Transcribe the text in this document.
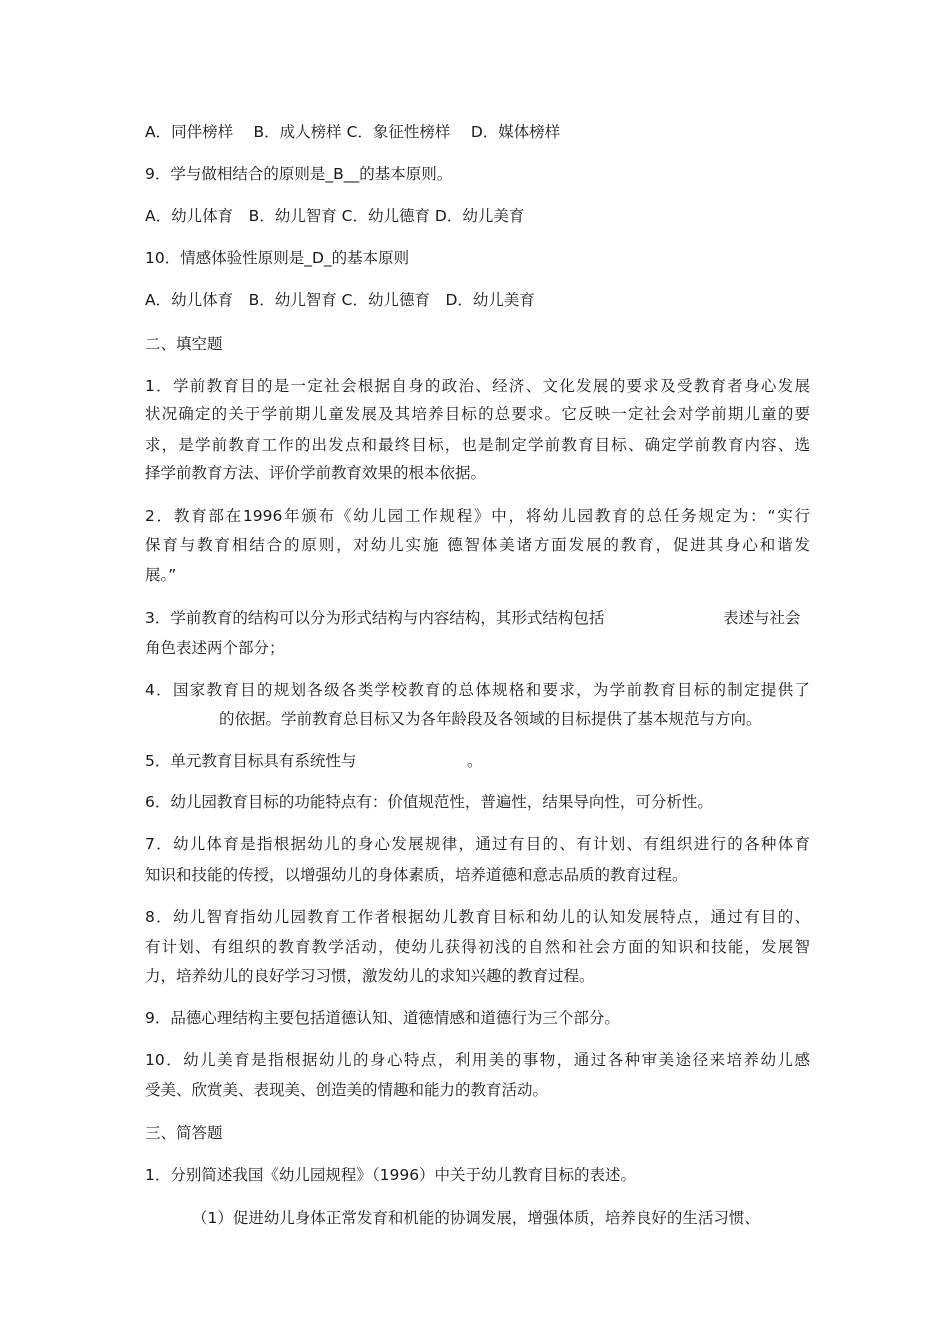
A．同伴榜样　 B．成人榜样 C．象征性榜样　 D．媒体榜样
9．学与做相结合的原则是_B__的基本原则。
A．幼儿体育　B．幼儿智育 C．幼儿德育 D．幼儿美育
10．情感体验性原则是_D_的基本原则
A．幼儿体育　B．幼儿智育 C．幼儿德育　D．幼儿美育
二、填空题
1．学前教育目的是一定社会根据自身的政治、经济、文化发展的要求及受教育者身心发展
状况确定的关于学前期儿童发展及其培养目标的总要求。它反映一定社会对学前期儿童的要
求，是学前教育工作的出发点和最终目标，也是制定学前教育目标、确定学前教育内容、选
择学前教育方法、评价学前教育效果的根本依据。
2．教育部在1996年颁布《幼儿园工作规程》中，将幼儿园教育的总任务规定为：“实行
保育与教育相结合的原则，对幼儿实施 德智体美诸方面发展的教育，促进其身心和谐发
展。”
3．学前教育的结构可以分为形式结构与内容结构，其形式结构包括	表述与社会
角色表述两个部分；
4．国家教育目的规划各级各类学校教育的总体规格和要求，为学前教育目标的制定提供了
的依据。学前教育总目标又为各年龄段及各领域的目标提供了基本规范与方向。
5．单元教育目标具有系统性与	。
6．幼儿园教育目标的功能特点有：价值规范性，普遍性，结果导向性，可分析性。
7．幼儿体育是指根据幼儿的身心发展规律，通过有目的、有计划、有组织进行的各种体育
知识和技能的传授，以增强幼儿的身体素质，培养道德和意志品质的教育过程。
8．幼儿智育指幼儿园教育工作者根据幼儿教育目标和幼儿的认知发展特点，通过有目的、
有计划、有组织的教育教学活动，使幼儿获得初浅的自然和社会方面的知识和技能，发展智
力，培养幼儿的良好学习习惯，激发幼儿的求知兴趣的教育过程。
9．品德心理结构主要包括道德认知、道德情感和道德行为三个部分。
10．幼儿美育是指根据幼儿的身心特点，利用美的事物，通过各种审美途径来培养幼儿感
受美、欣赏美、表现美、创造美的情趣和能力的教育活动。
三、简答题
1．分别简述我国《幼儿园规程》（1996）中关于幼儿教育目标的表述。
（1）促进幼儿身体正常发育和机能的协调发展，增强体质，培养良好的生活习惯、
